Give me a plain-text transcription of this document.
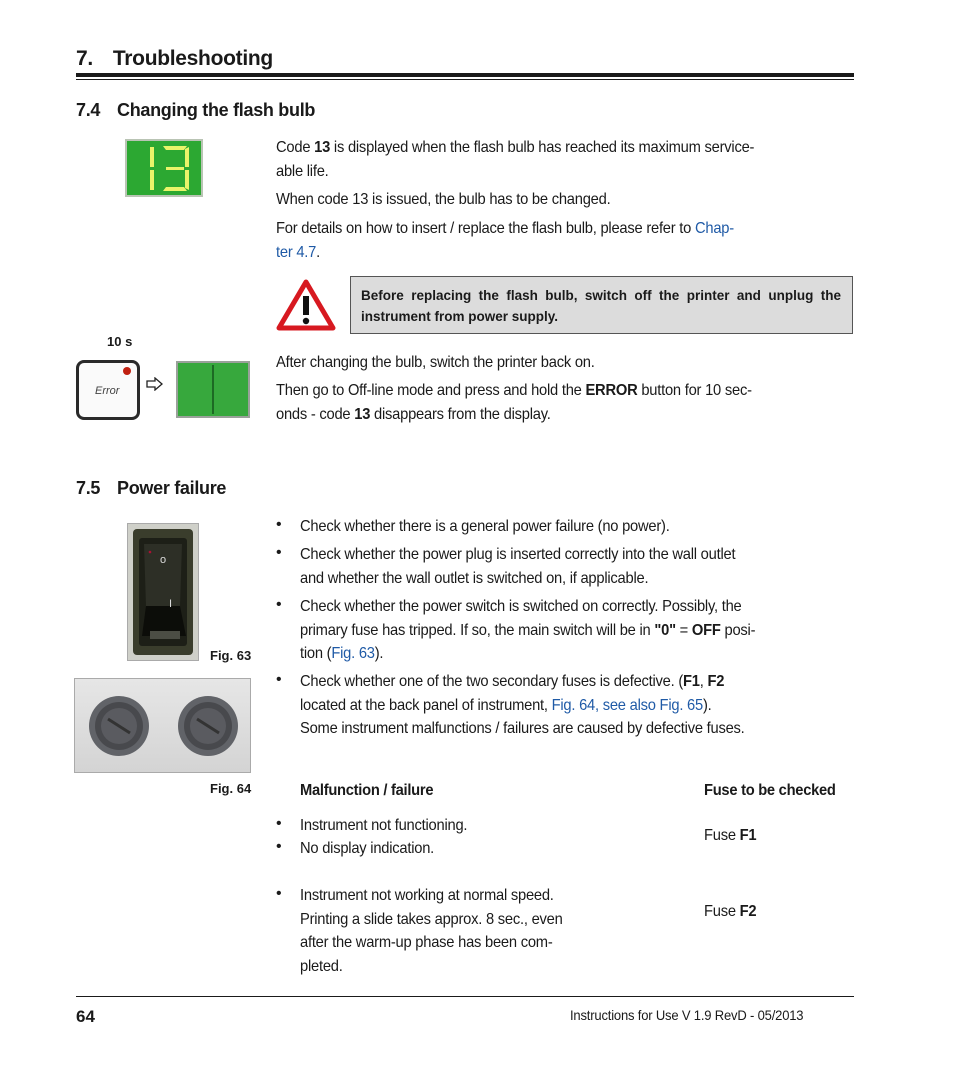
7. Troubleshooting
7.4 Changing the flash bulb
Code 13 is displayed when the flash bulb has reached its maximum service-
able life.
When code 13 is issued, the bulb has to be changed.
For details on how to insert / replace the flash bulb, please refer to Chap-
ter 4.7.
Before replacing the flash bulb, switch off the printer and unplug the instrument from power supply.
10 s
Error
After changing the bulb, switch the printer back on.
Then go to Off-line mode and press and hold the ERROR button for 10 sec-
onds - code 13 disappears from the display.
7.5 Power failure
o
I
Fig. 63
Fig. 64
• Check whether there is a general power failure (no power).
• Check whether the power plug is inserted correctly into the wall outlet
and whether the wall outlet is switched on, if applicable.
• Check whether the power switch is switched on correctly. Possibly, the
primary fuse has tripped. If so, the main switch will be in "0" = OFF posi-
tion (Fig. 63).
• Check whether one of the two secondary fuses is defective. (F1, F2
located at the back panel of instrument, Fig. 64, see also Fig. 65).
Some instrument malfunctions / failures are caused by defective fuses.
Malfunction / failure	Fuse to be checked
• Instrument not functioning.
• No display indication.
Fuse F1
• Instrument not working at normal speed.
Printing a slide takes approx. 8 sec., even
after the warm-up phase has been com-
pleted.
Fuse F2
64	Instructions for Use V 1.9 RevD - 05/2013
